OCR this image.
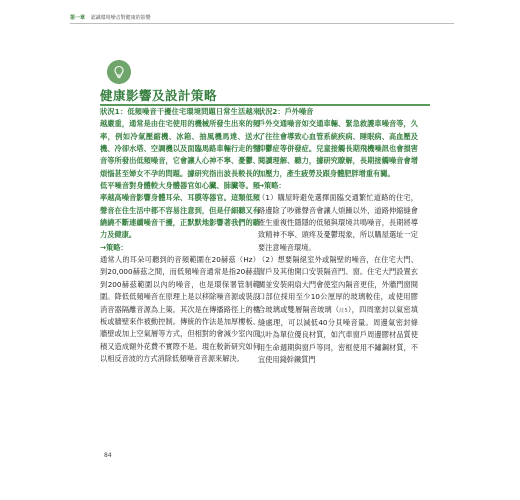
第一章 認識環境噪音對健康的影響
健康影響及設計策略

狀況1：低頻噪音干擾住宅環境問題日常生活越來越嚴重，通常是由住宅使用的機械所發生出來的頻率，例如冷氣壓縮機、冰箱、抽風機馬達、送水機、冷卻水塔、空調機以及面臨馬路車輛行走的聲音等所發出低頻噪音，它會讓人心神不寧、憂鬱、煩惱甚至婦女不孕的問題。據研究指出波長較長的低平噪音對身體較大身體器官如心臟、肺臟等。頻率越高噪音影響身體耳朵、耳膜等器官。這類低頻聲音在住生活中都不容易注意到，但是仔細聽又有繞繞不斷連續噪音干擾，正默默地影響著我們的聽力及健康。

→策略：

通常人的耳朵可聽到的音頻範圍在20赫茲（Hz）到20,000赫茲之間，而低頻噪音通常是指20赫茲到200赫茲範圍以內的噪音，也是環保署管制範圍。降低低頻噪音在原理上是以移除噪音源或裝設消音器隔離音源為上策。其次是在傳播路徑上的樓板或牆壁來作被動控制。傳統的作法是加厚樓板、牆壁或加上空氣層等方式，但相對的會減少室內面積又造成額外花費不實際不是。現在較新研究如何以相反音波的方式消除低頻噪音音源來解決。

狀況2：戶外噪音

戶外交通噪音如交通車輛、緊急救護車噪音等，久了往往會導致心血管系統疾病、睡眠病、高血壓及抑鬱症等併發症。兒童接觸長期飛機噪訊也會損害閱讀理解、聽力，據研究瞭解，長期接觸噪音會增加壓力，產生疲勞及跟身體肥胖增重有關。

→策略：

（1）購屋時避免選擇面臨交通繁忙道路的住宅，路邊除了吵雜聲音會讓人煩躁以外，道路伸縮縫會產生重複性隱隱的低頻與環境共鳴噪音，長期將導致精神不寧、頭疼及憂鬱現象，所以購屋選址一定要注意噪音環境。

（2）想要隔絕室外或隔壁的噪音，在住宅大門、窗戶及其他開口安裝隔音門、窗。住宅大門設置玄關並安裝兩扇大門會使室內隔音更佳，外牆門窗開口部位採用至少10公厘厚的玻璃較佳，或使用膠合玻璃或雙層隔音玻璃（註5），四周塞封以氣密填縫處理，可以減低40分貝噪音量。周邊氣密封條以叶為單位優良材質，如汽車窗戶周邊膠材品質使用生命週期與窗戶等同，密框使用不鏽鋼材質，不宜使用錢幹鐵質門

84
